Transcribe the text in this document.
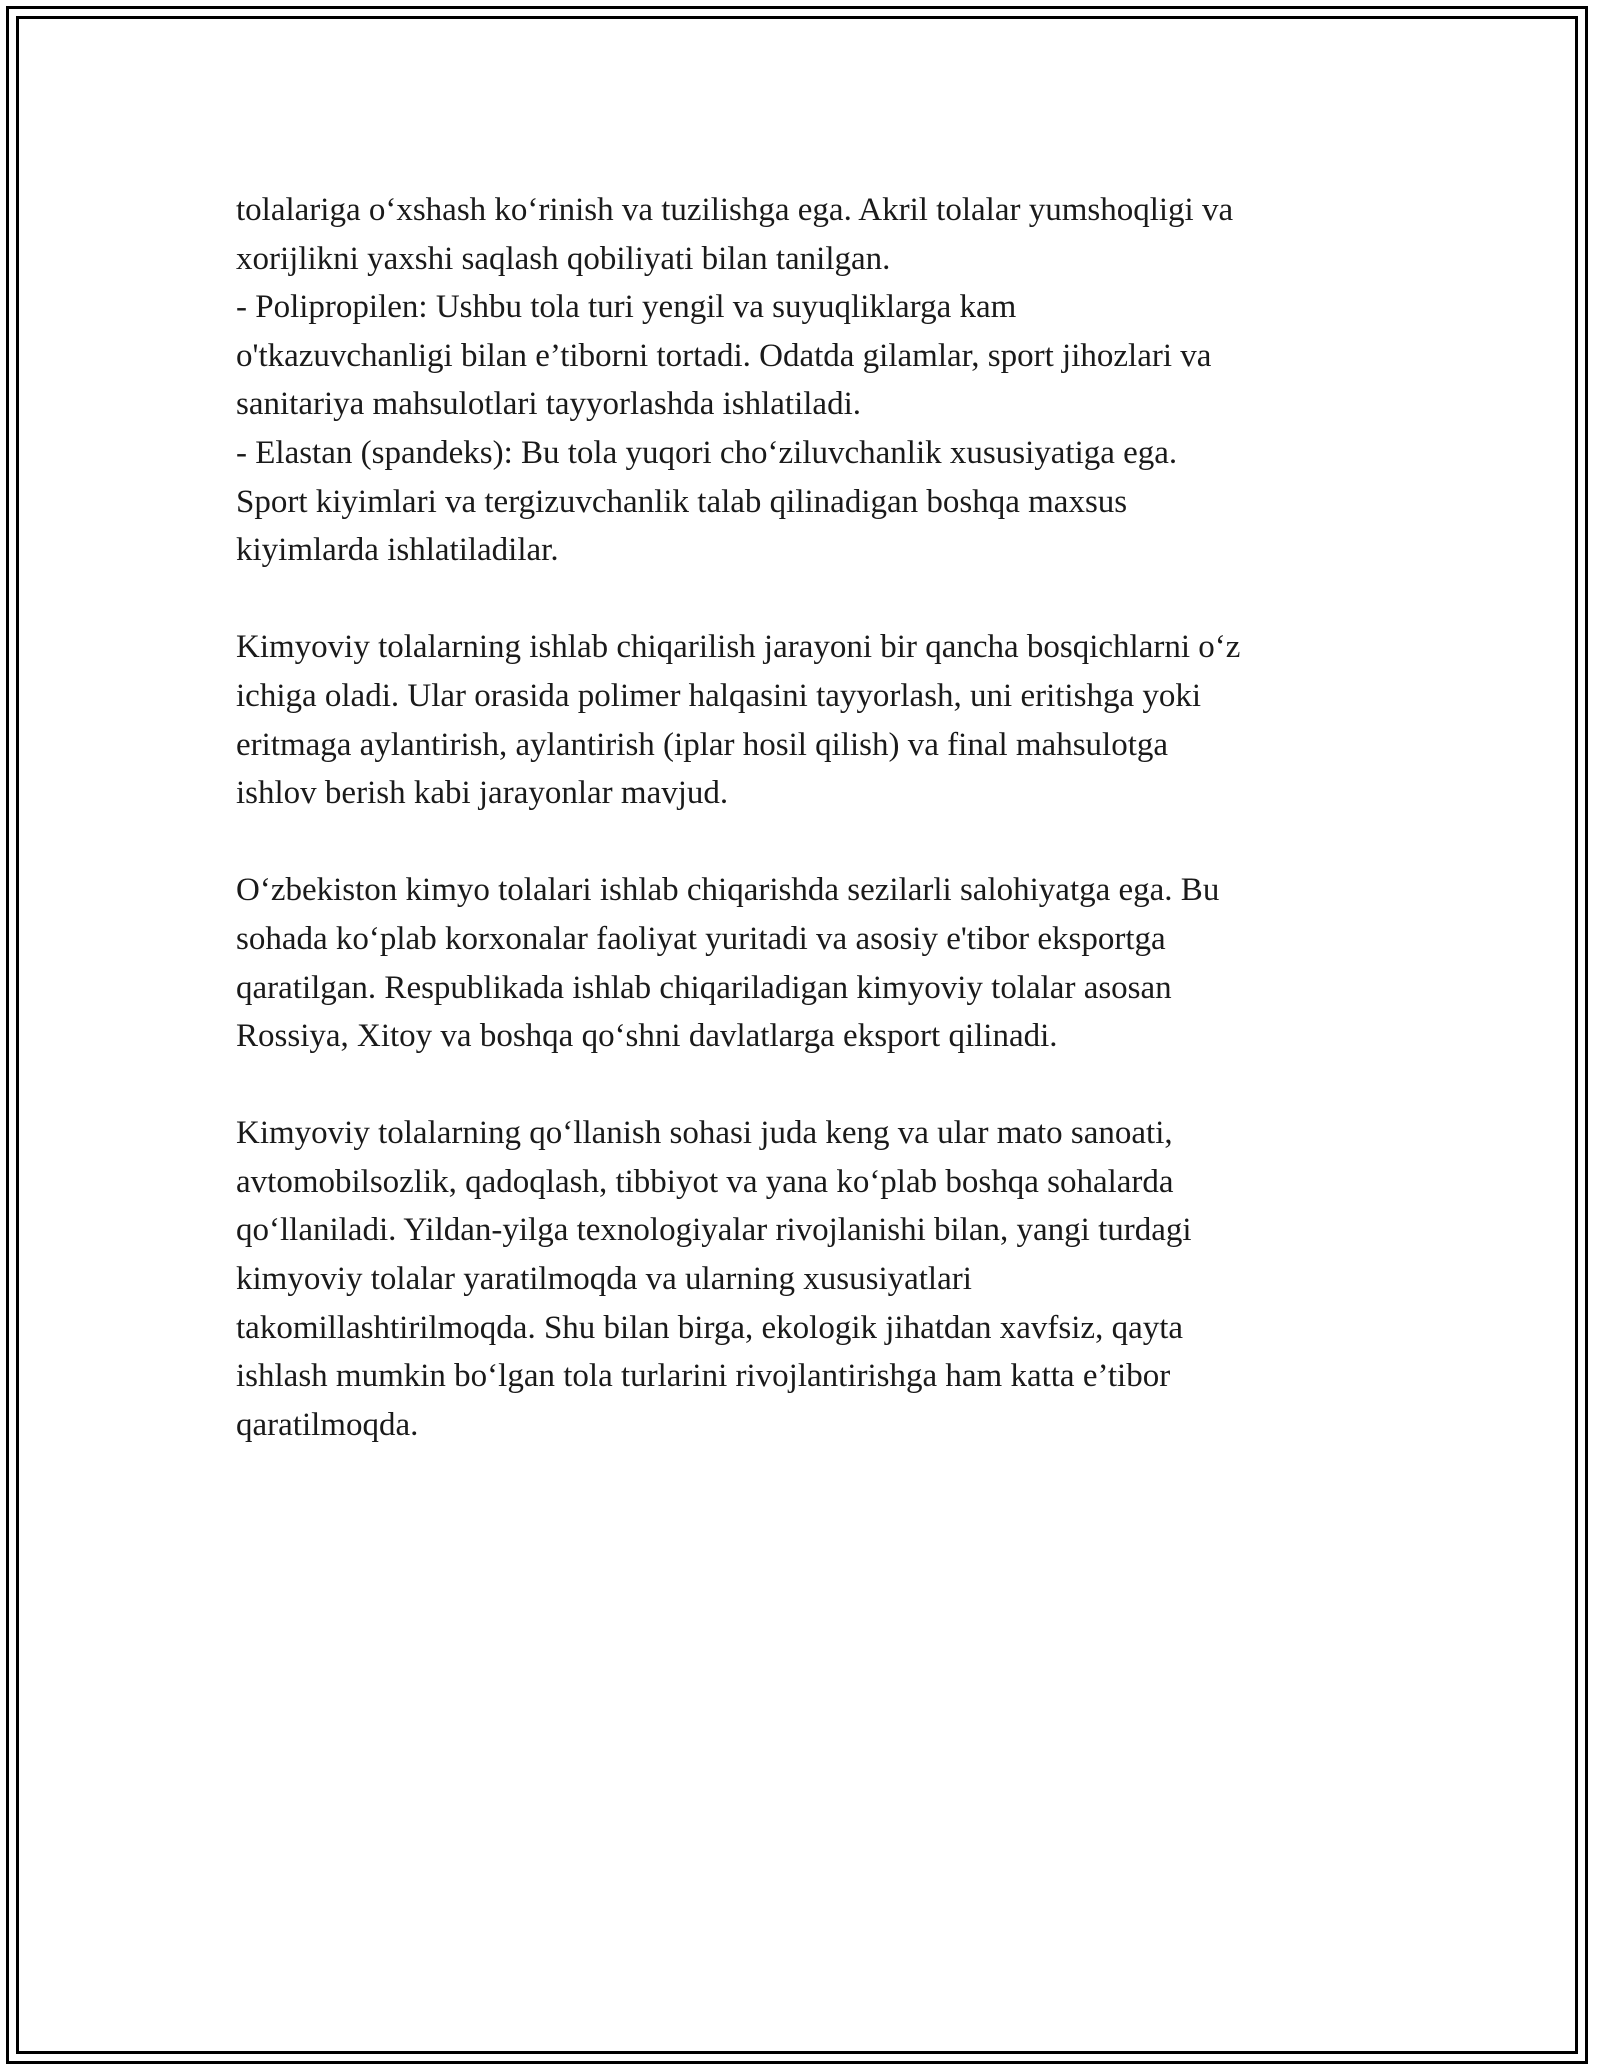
tolalariga o‘xshash ko‘rinish va tuzilishga ega. Akril tolalar yumshoqligi va
xorijlikni yaxshi saqlash qobiliyati bilan tanilgan.
- Polipropilen: Ushbu tola turi yengil va suyuqliklarga kam
o'tkazuvchanligi bilan e’tiborni tortadi. Odatda gilamlar, sport jihozlari va
sanitariya mahsulotlari tayyorlashda ishlatiladi.
- Elastan (spandeks): Bu tola yuqori cho‘ziluvchanlik xususiyatiga ega.
Sport kiyimlari va tergizuvchanlik talab qilinadigan boshqa maxsus
kiyimlarda ishlatiladilar.

Kimyoviy tolalarning ishlab chiqarilish jarayoni bir qancha bosqichlarni o‘z
ichiga oladi. Ular orasida polimer halqasini tayyorlash, uni eritishga yoki
eritmaga aylantirish, aylantirish (iplar hosil qilish) va final mahsulotga
ishlov berish kabi jarayonlar mavjud.

O‘zbekiston kimyo tolalari ishlab chiqarishda sezilarli salohiyatga ega. Bu
sohada ko‘plab korxonalar faoliyat yuritadi va asosiy e'tibor eksportga
qaratilgan. Respublikada ishlab chiqariladigan kimyoviy tolalar asosan
Rossiya, Xitoy va boshqa qo‘shni davlatlarga eksport qilinadi.

Kimyoviy tolalarning qo‘llanish sohasi juda keng va ular mato sanoati,
avtomobilsozlik, qadoqlash, tibbiyot va yana ko‘plab boshqa sohalarda
qo‘llaniladi. Yildan-yilga texnologiyalar rivojlanishi bilan, yangi turdagi
kimyoviy tolalar yaratilmoqda va ularning xususiyatlari
takomillashtirilmoqda. Shu bilan birga, ekologik jihatdan xavfsiz, qayta
ishlash mumkin bo‘lgan tola turlarini rivojlantirishga ham katta e’tibor
qaratilmoqda.
